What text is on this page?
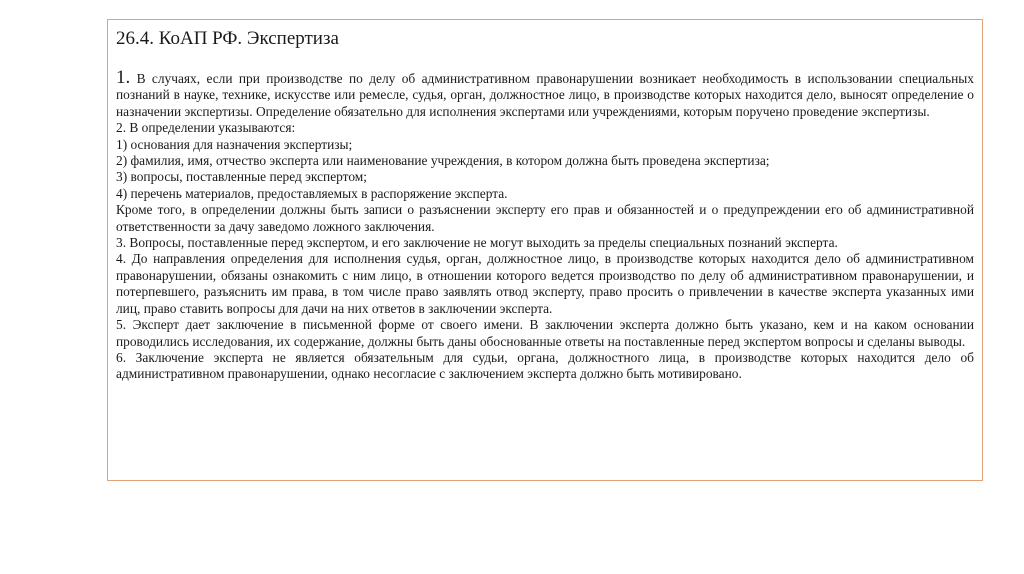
26.4. КоАП РФ. Экспертиза

1. В случаях, если при производстве по делу об административном правонарушении возникает необходимость в использовании специальных познаний в науке, технике, искусстве или ремесле, судья, орган, должностное лицо, в производстве которых находится дело, выносят определение о назначении экспертизы. Определение обязательно для исполнения экспертами или учреждениями, которым поручено проведение экспертизы.

2. В определении указываются:

1) основания для назначения экспертизы;

2) фамилия, имя, отчество эксперта или наименование учреждения, в котором должна быть проведена экспертиза;

3) вопросы, поставленные перед экспертом;

4) перечень материалов, предоставляемых в распоряжение эксперта.

Кроме того, в определении должны быть записи о разъяснении эксперту его прав и обязанностей и о предупреждении его об административной ответственности за дачу заведомо ложного заключения.

3. Вопросы, поставленные перед экспертом, и его заключение не могут выходить за пределы специальных познаний эксперта.

4. До направления определения для исполнения судья, орган, должностное лицо, в производстве которых находится дело об административном правонарушении, обязаны ознакомить с ним лицо, в отношении которого ведется производство по делу об административном правонарушении, и потерпевшего, разъяснить им права, в том числе право заявлять отвод эксперту, право просить о привлечении в качестве эксперта указанных ими лиц, право ставить вопросы для дачи на них ответов в заключении эксперта.

5. Эксперт дает заключение в письменной форме от своего имени. В заключении эксперта должно быть указано, кем и на каком основании проводились исследования, их содержание, должны быть даны обоснованные ответы на поставленные перед экспертом вопросы и сделаны выводы.

6. Заключение эксперта не является обязательным для судьи, органа, должностного лица, в производстве которых находится дело об административном правонарушении, однако несогласие с заключением эксперта должно быть мотивировано.
